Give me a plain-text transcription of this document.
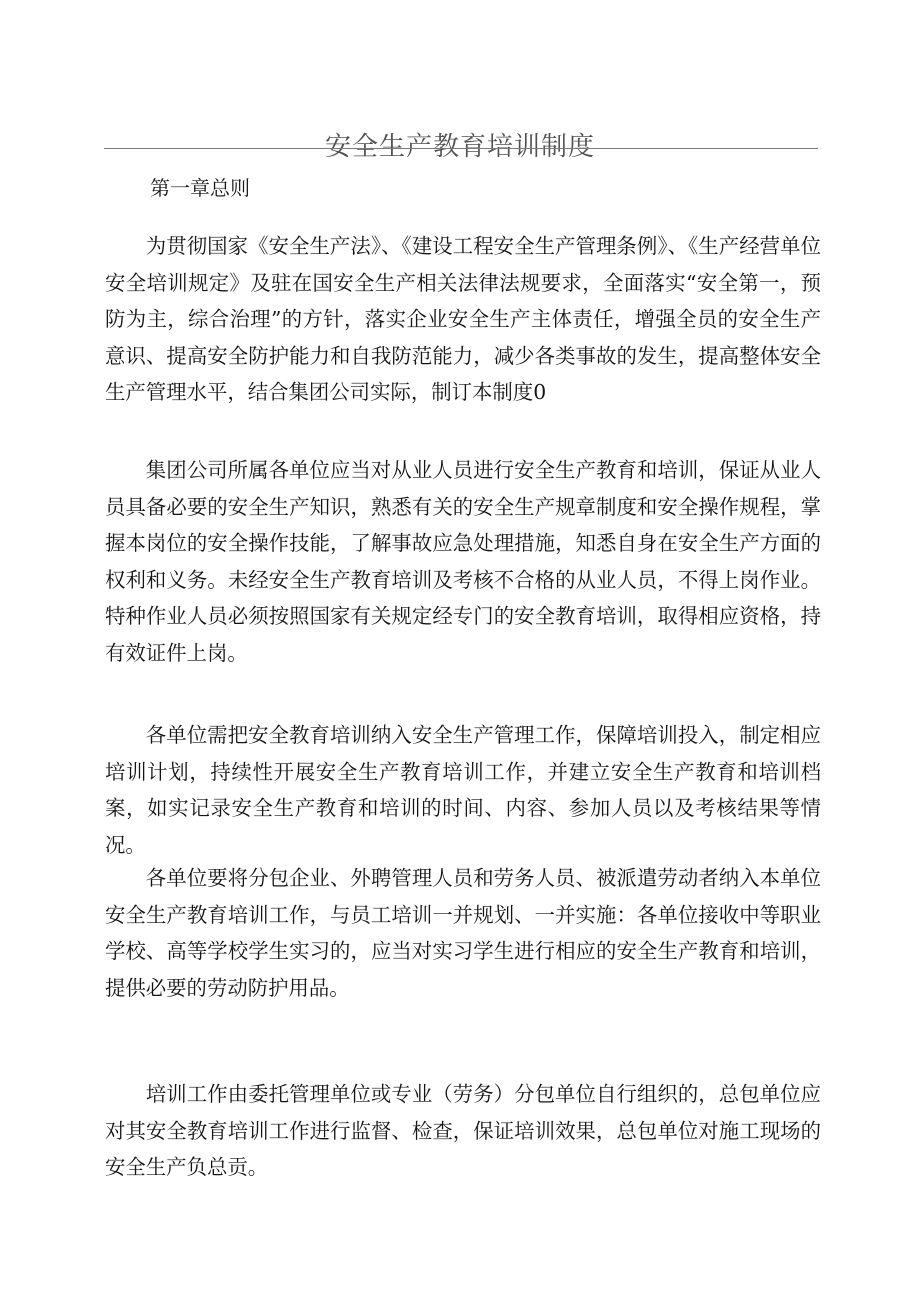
安全生产教育培训制度

第一章总则

为贯彻国家《安全生产法》、《建设工程安全生产管理条例》、《生产经营单位安全培训规定》及驻在国安全生产相关法律法规要求，全面落实“安全第一，预防为主，综合治理”的方针，落实企业安全生产主体责任，增强全员的安全生产意识、提高安全防护能力和自我防范能力，减少各类事故的发生，提高整体安全生产管理水平，结合集团公司实际，制订本制度0

集团公司所属各单位应当对从业人员进行安全生产教育和培训，保证从业人员具备必要的安全生产知识，熟悉有关的安全生产规章制度和安全操作规程，掌握本岗位的安全操作技能，了解事故应急处理措施，知悉自身在安全生产方面的权利和义务。未经安全生产教育培训及考核不合格的从业人员，不得上岗作业。特种作业人员必须按照国家有关规定经专门的安全教育培训，取得相应资格，持有效证件上岗。

各单位需把安全教育培训纳入安全生产管理工作，保障培训投入，制定相应培训计划，持续性开展安全生产教育培训工作，并建立安全生产教育和培训档案，如实记录安全生产教育和培训的时间、内容、参加人员以及考核结果等情况。

各单位要将分包企业、外聘管理人员和劳务人员、被派遣劳动者纳入本单位安全生产教育培训工作，与员工培训一并规划、一并实施：各单位接收中等职业学校、高等学校学生实习的，应当对实习学生进行相应的安全生产教育和培训，提供必要的劳动防护用品。

培训工作由委托管理单位或专业（劳务）分包单位自行组织的，总包单位应对其安全教育培训工作进行监督、检查，保证培训效果，总包单位对施工现场的安全生产负总贡。
